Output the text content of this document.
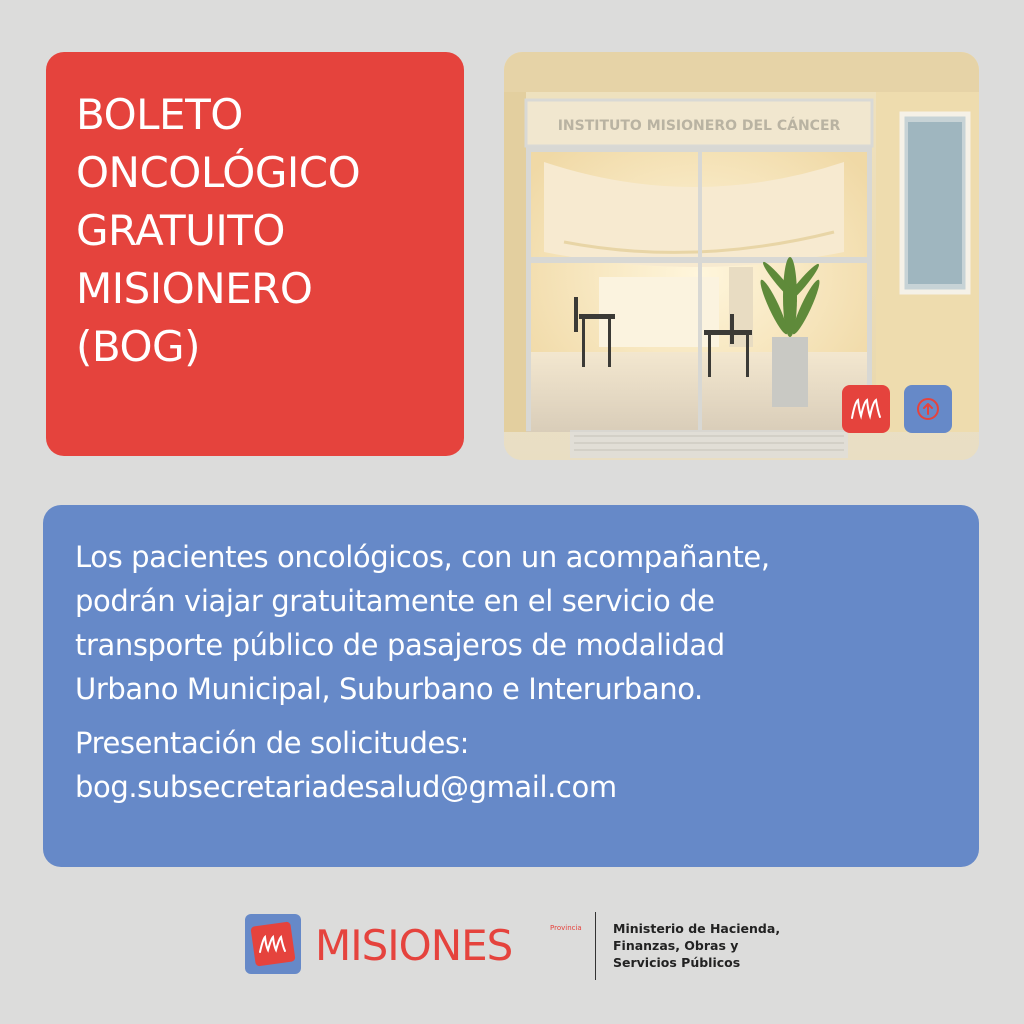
BOLETO
ONCOLÓGICO
GRATUITO
MISIONERO
(BOG)
INSTITUTO MISIONERO DEL CÁNCER
Los pacientes oncológicos, con un acompañante,
podrán viajar gratuitamente en el servicio de
transporte público de pasajeros de modalidad
Urbano Municipal, Suburbano e Interurbano.
Presentación de solicitudes:
bog.subsecretariadesalud@gmail.com
MISIONES	Provincia	Ministerio de Hacienda,
Finanzas, Obras y
Servicios Públicos
